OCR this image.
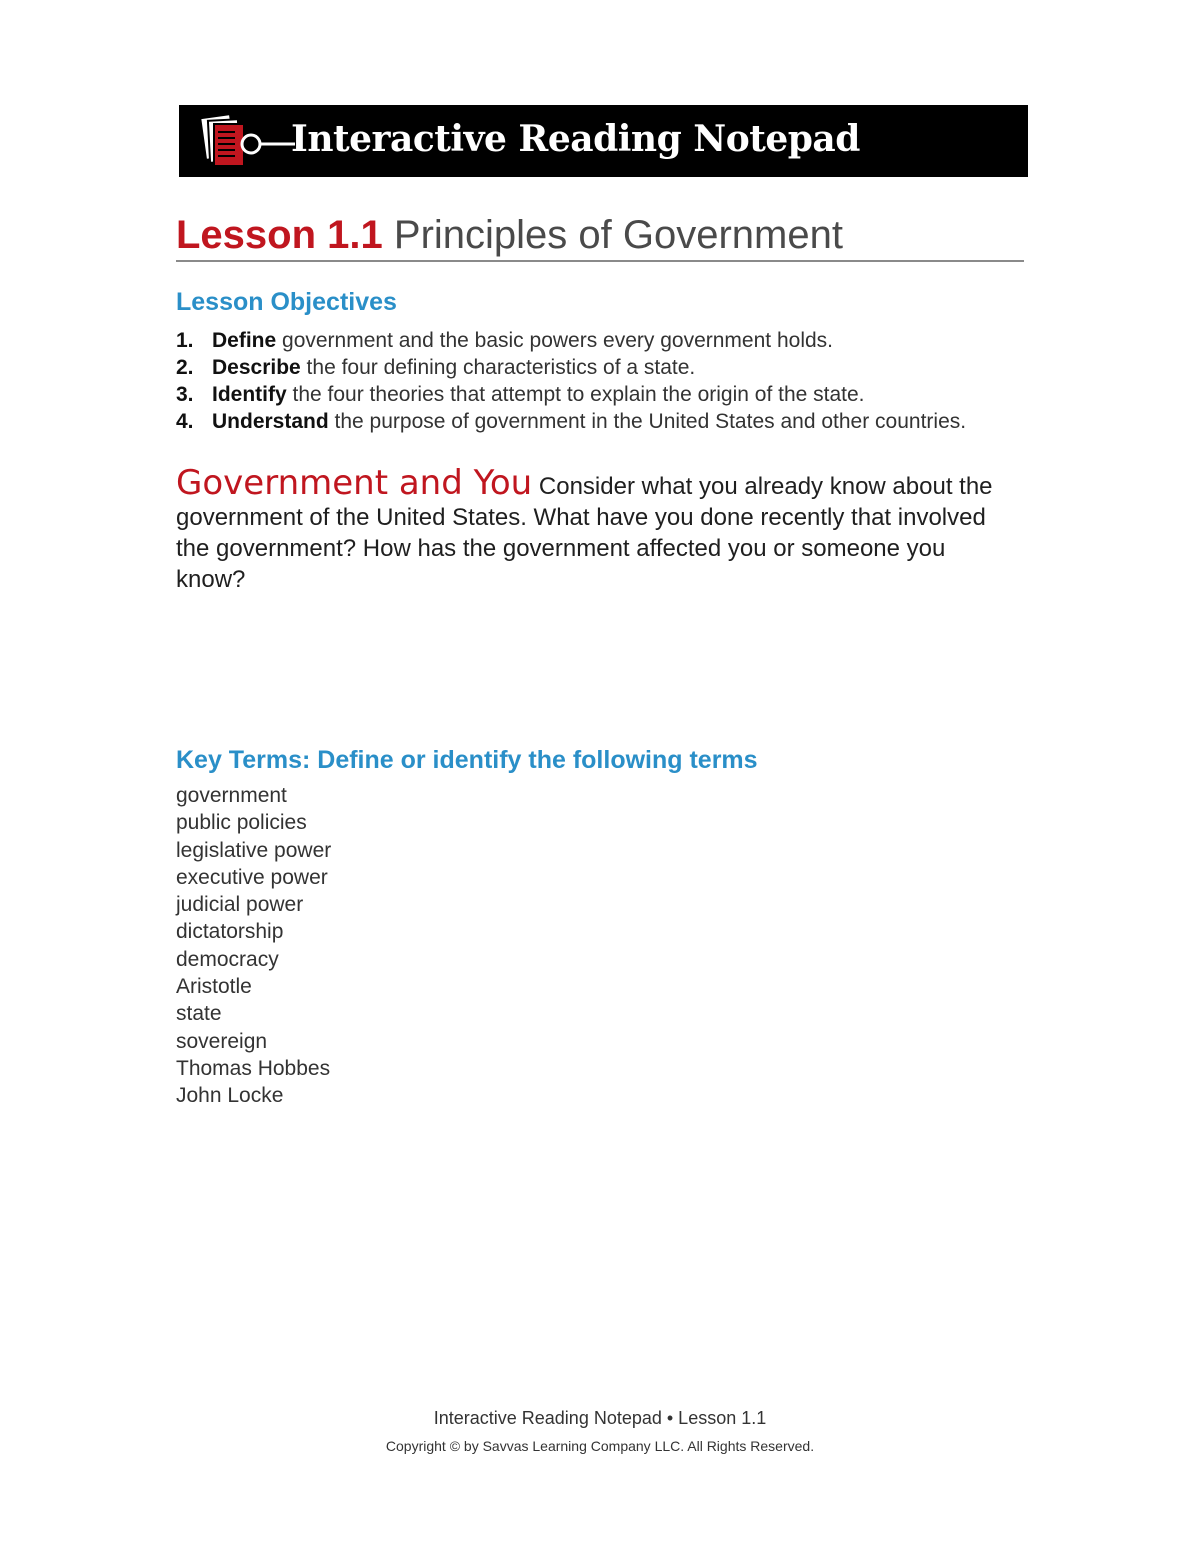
Interactive Reading Notepad
Lesson 1.1 Principles of Government
Lesson Objectives
1. Define government and the basic powers every government holds.
2. Describe the four defining characteristics of a state.
3. Identify the four theories that attempt to explain the origin of the state.
4. Understand the purpose of government in the United States and other countries.
Government and You Consider what you already know about the government of the United States. What have you done recently that involved the government? How has the government affected you or someone you know?
Key Terms: Define or identify the following terms
government
public policies
legislative power
executive power
judicial power
dictatorship
democracy
Aristotle
state
sovereign
Thomas Hobbes
John Locke
Interactive Reading Notepad • Lesson 1.1
Copyright © by Savvas Learning Company LLC. All Rights Reserved.
